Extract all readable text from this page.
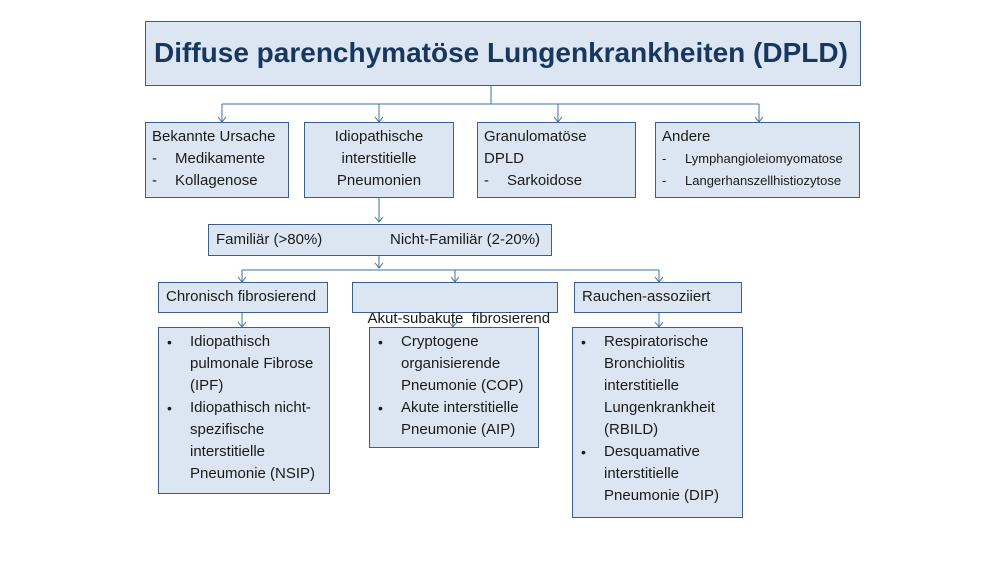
Diffuse parenchymatöse Lungenkrankheiten (DPLD)
Bekannte Ursache
-	Medikamente
-	Kollagenose
Idiopathische
interstitielle
Pneumonien
Granulomatöse
DPLD
-	Sarkoidose
Andere
-	Lymphangioleiomyomatose
-	Langerhanszellhistiozytose
Familiär (>80%)	Nicht-Familiär (2-20%)
Chronisch fibrosierend

Akut-subakute  fibrosierend

Rauchen-assoziiert
•	Idiopathisch
pulmonale Fibrose
(IPF)
•	Idiopathisch nicht-
spezifische
interstitielle
Pneumonie (NSIP)
•	Cryptogene
organisierende
Pneumonie (COP)
•	Akute interstitielle
Pneumonie (AIP)
•	Respiratorische
Bronchiolitis
interstitielle
Lungenkrankheit
(RBILD)
•	Desquamative
interstitielle
Pneumonie (DIP)
